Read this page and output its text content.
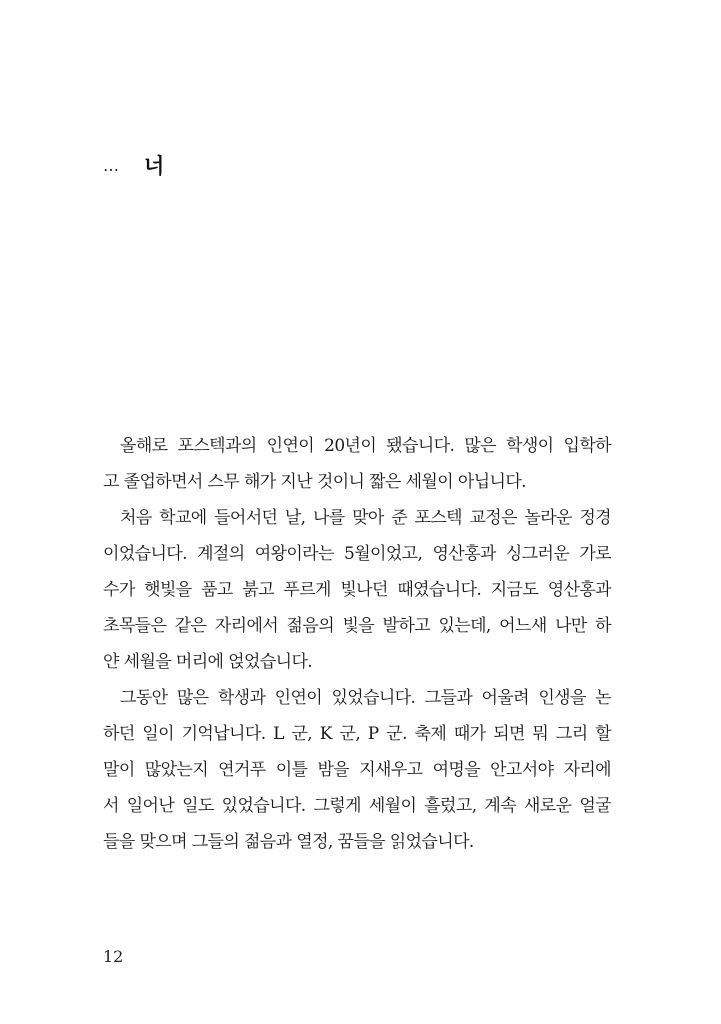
… 너
올해로 포스텍과의 인연이 20년이 됐습니다. 많은 학생이 입학하
고 졸업하면서 스무 해가 지난 것이니 짧은 세월이 아닙니다.
처음 학교에 들어서던 날, 나를 맞아 준 포스텍 교정은 놀라운 정경
이었습니다. 계절의 여왕이라는 5월이었고, 영산홍과 싱그러운 가로
수가 햇빛을 품고 붉고 푸르게 빛나던 때였습니다. 지금도 영산홍과
초목들은 같은 자리에서 젊음의 빛을 발하고 있는데, 어느새 나만 하
얀 세월을 머리에 얹었습니다.
그동안 많은 학생과 인연이 있었습니다. 그들과 어울려 인생을 논
하던 일이 기억납니다. L 군, K 군, P 군. 축제 때가 되면 뭐 그리 할
말이 많았는지 연거푸 이틀 밤을 지새우고 여명을 안고서야 자리에
서 일어난 일도 있었습니다. 그렇게 세월이 흘렀고, 계속 새로운 얼굴
들을 맞으며 그들의 젊음과 열정, 꿈들을 읽었습니다.
12
